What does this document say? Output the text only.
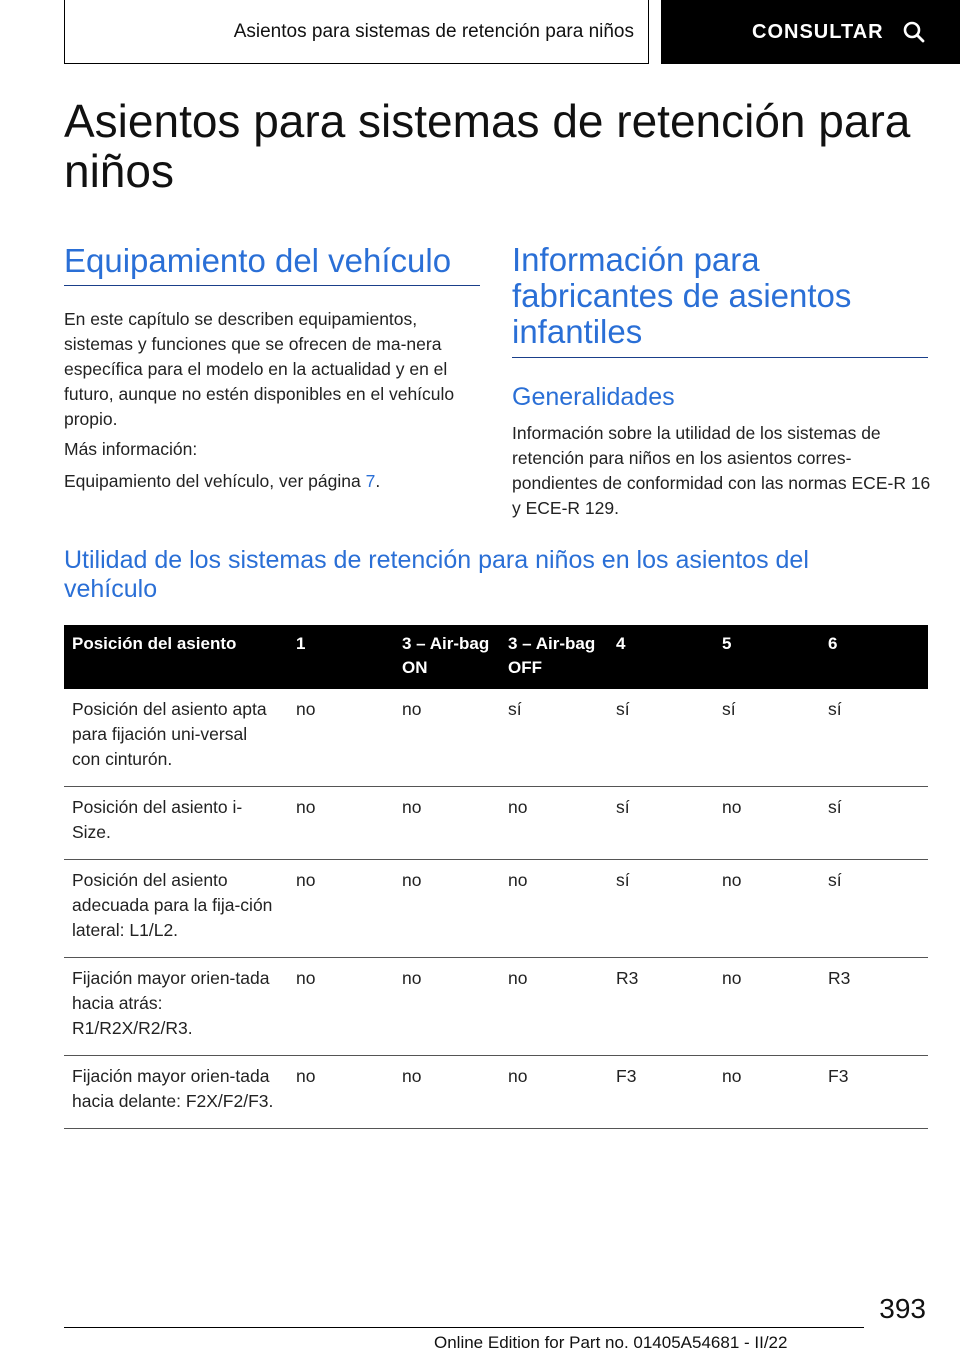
Asientos para sistemas de retención para niños	CONSULTAR
Asientos para sistemas de retención para niños
Equipamiento del vehículo

En este capítulo se describen equipamientos, sistemas y funciones que se ofrecen de ma-nera específica para el modelo en la actualidad y en el futuro, aunque no estén disponibles en el vehículo propio.

Más información:

Equipamiento del vehículo, ver página 7.

Información para fabricantes de asientos infantiles
Generalidades

Información sobre la utilidad de los sistemas de retención para niños en los asientos corres-pondientes de conformidad con las normas ECE-R 16 y ECE-R 129.

Utilidad de los sistemas de retención para niños en los asientos del vehículo
Posición del asiento	1	3 – Air-bag ON	3 – Air-bag OFF	4	5	6
Posición del asiento apta para fijación uni-versal con cinturón.	no	no	sí	sí	sí	sí
Posición del asiento i-Size.	no	no	no	sí	no	sí
Posición del asiento adecuada para la fija-ción lateral: L1/L2.	no	no	no	sí	no	sí
Fijación mayor orien-tada hacia atrás: R1/R2X/R2/R3.	no	no	no	R3	no	R3
Fijación mayor orien-tada hacia delante: F2X/F2/F3.	no	no	no	F3	no	F3
393
Online Edition for Part no. 01405A54681 - II/22
